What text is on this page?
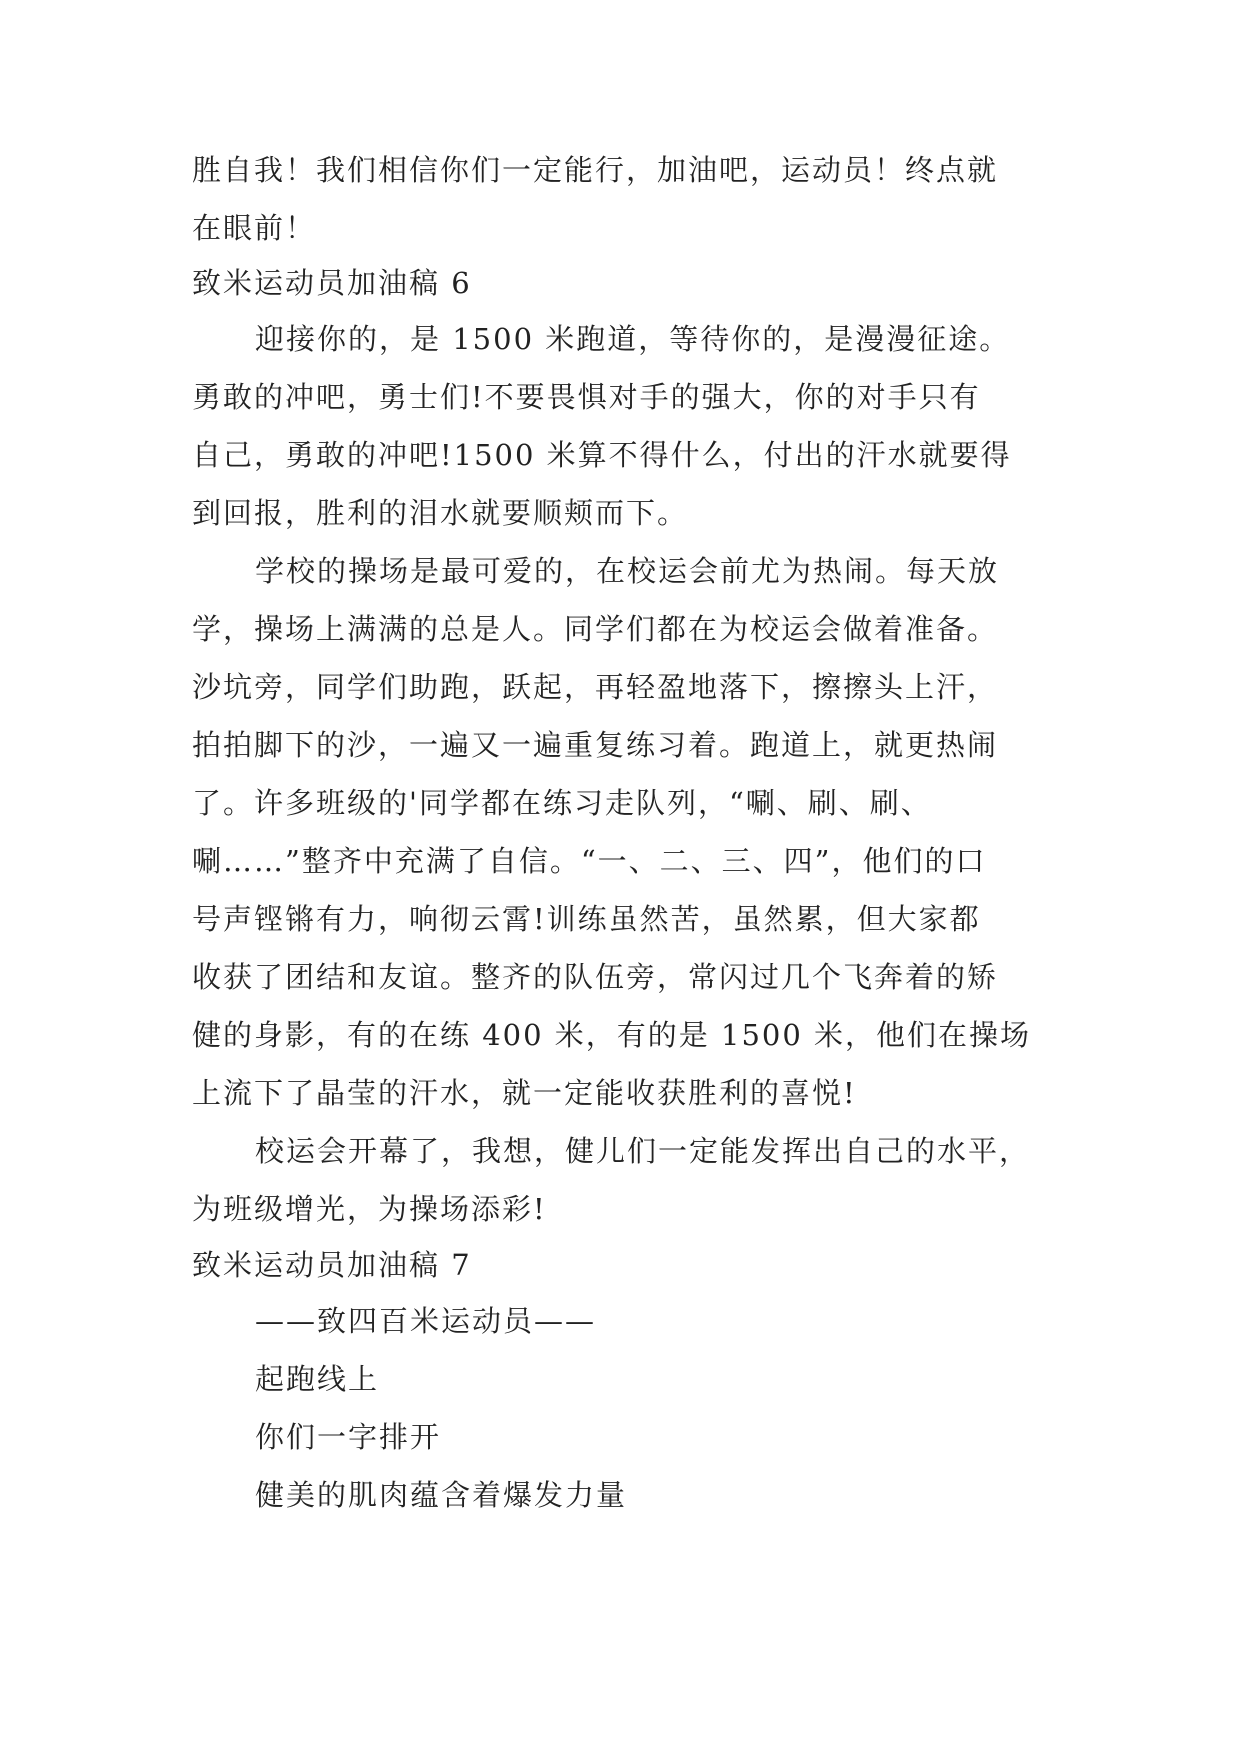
胜自我！我们相信你们一定能行，加油吧，运动员！终点就
在眼前！
致米运动员加油稿 6
迎接你的，是 1500 米跑道，等待你的，是漫漫征途。
勇敢的冲吧，勇士们!不要畏惧对手的强大，你的对手只有
自己，勇敢的冲吧!1500 米算不得什么，付出的汗水就要得
到回报，胜利的泪水就要顺颊而下。
学校的操场是最可爱的，在校运会前尤为热闹。每天放
学，操场上满满的总是人。同学们都在为校运会做着准备。
沙坑旁，同学们助跑，跃起，再轻盈地落下，擦擦头上汗，
拍拍脚下的沙，一遍又一遍重复练习着。跑道上，就更热闹
了。许多班级的'同学都在练习走队列，“唰、刷、刷、
唰……”整齐中充满了自信。“一、二、三、四”，他们的口
号声铿锵有力，响彻云霄!训练虽然苦，虽然累，但大家都
收获了团结和友谊。整齐的队伍旁，常闪过几个飞奔着的矫
健的身影，有的在练 400 米，有的是 1500 米，他们在操场
上流下了晶莹的汗水，就一定能收获胜利的喜悦!
校运会开幕了，我想，健儿们一定能发挥出自己的水平，
为班级增光，为操场添彩!
致米运动员加油稿 7
——致四百米运动员——
起跑线上
你们一字排开
健美的肌肉蕴含着爆发力量
